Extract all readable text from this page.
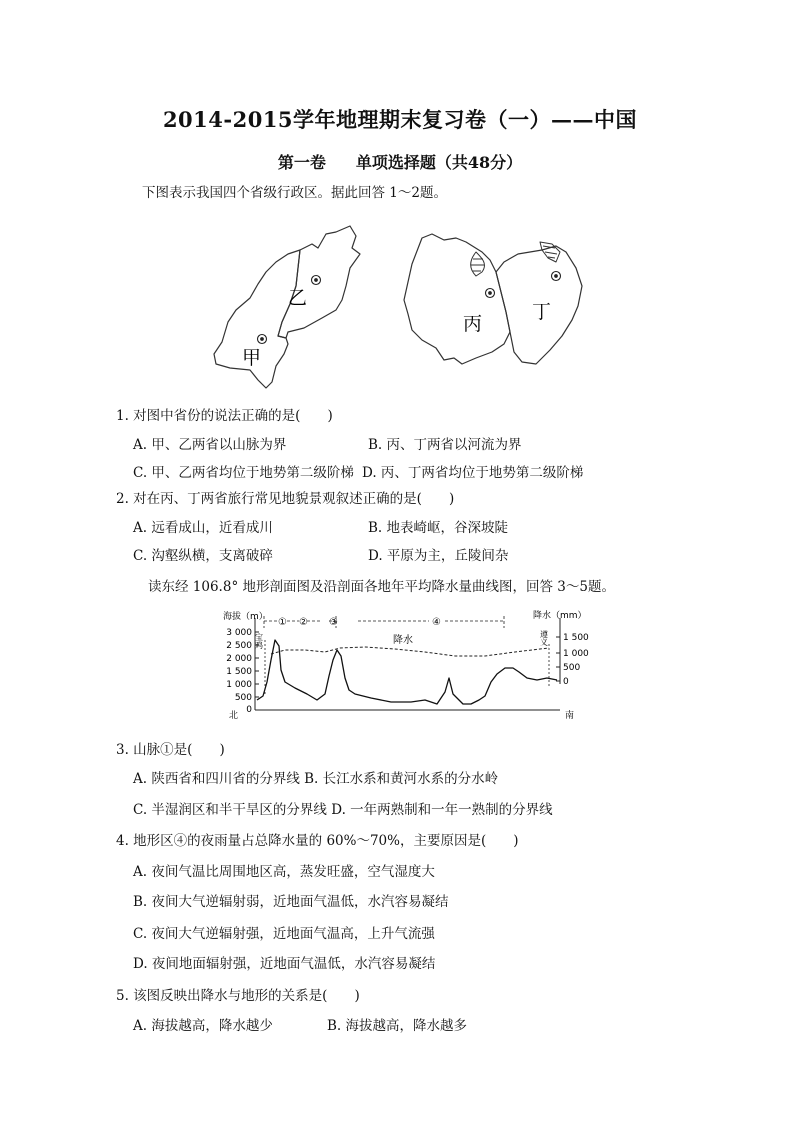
2014-2015学年地理期末复习卷（一）——中国
第一卷 单项选择题（共48分）
下图表示我国四个省级行政区。据此回答 1～2题。
乙
甲
丙
丁
1. 对图中省份的说法正确的是(　　)
A. 甲、乙两省以山脉为界	B. 丙、丁两省以河流为界
C. 甲、乙两省均位于地势第二级阶梯 D. 丙、丁两省均位于地势第二级阶梯
2. 对在丙、丁两省旅行常见地貌景观叙述正确的是(　　)
A. 远看成山，近看成川	B. 地表崎岖，谷深坡陡
C. 沟壑纵横，支离破碎	D. 平原为主，丘陵间杂
读东经 106.8° 地形剖面图及沿剖面各地年平均降水量曲线图，回答 3～5题。
海拔（m）	降水（mm）
3 000
2 500
2 000
1 500
1 000
500
0
1 500
1 000
500
0
① ② ③	④
宝鸡	遵义
降水
北	南
3. 山脉①是(　　)
A. 陕西省和四川省的分界线 B. 长江水系和黄河水系的分水岭
C. 半湿润区和半干旱区的分界线 D. 一年两熟制和一年一熟制的分界线
4. 地形区④的夜雨量占总降水量的 60%～70%，主要原因是(　　)
A. 夜间气温比周围地区高，蒸发旺盛，空气湿度大
B. 夜间大气逆辐射弱，近地面气温低，水汽容易凝结
C. 夜间大气逆辐射强，近地面气温高，上升气流强
D. 夜间地面辐射强，近地面气温低，水汽容易凝结
5. 该图反映出降水与地形的关系是(　　)
A. 海拔越高，降水越少	B. 海拔越高，降水越多
